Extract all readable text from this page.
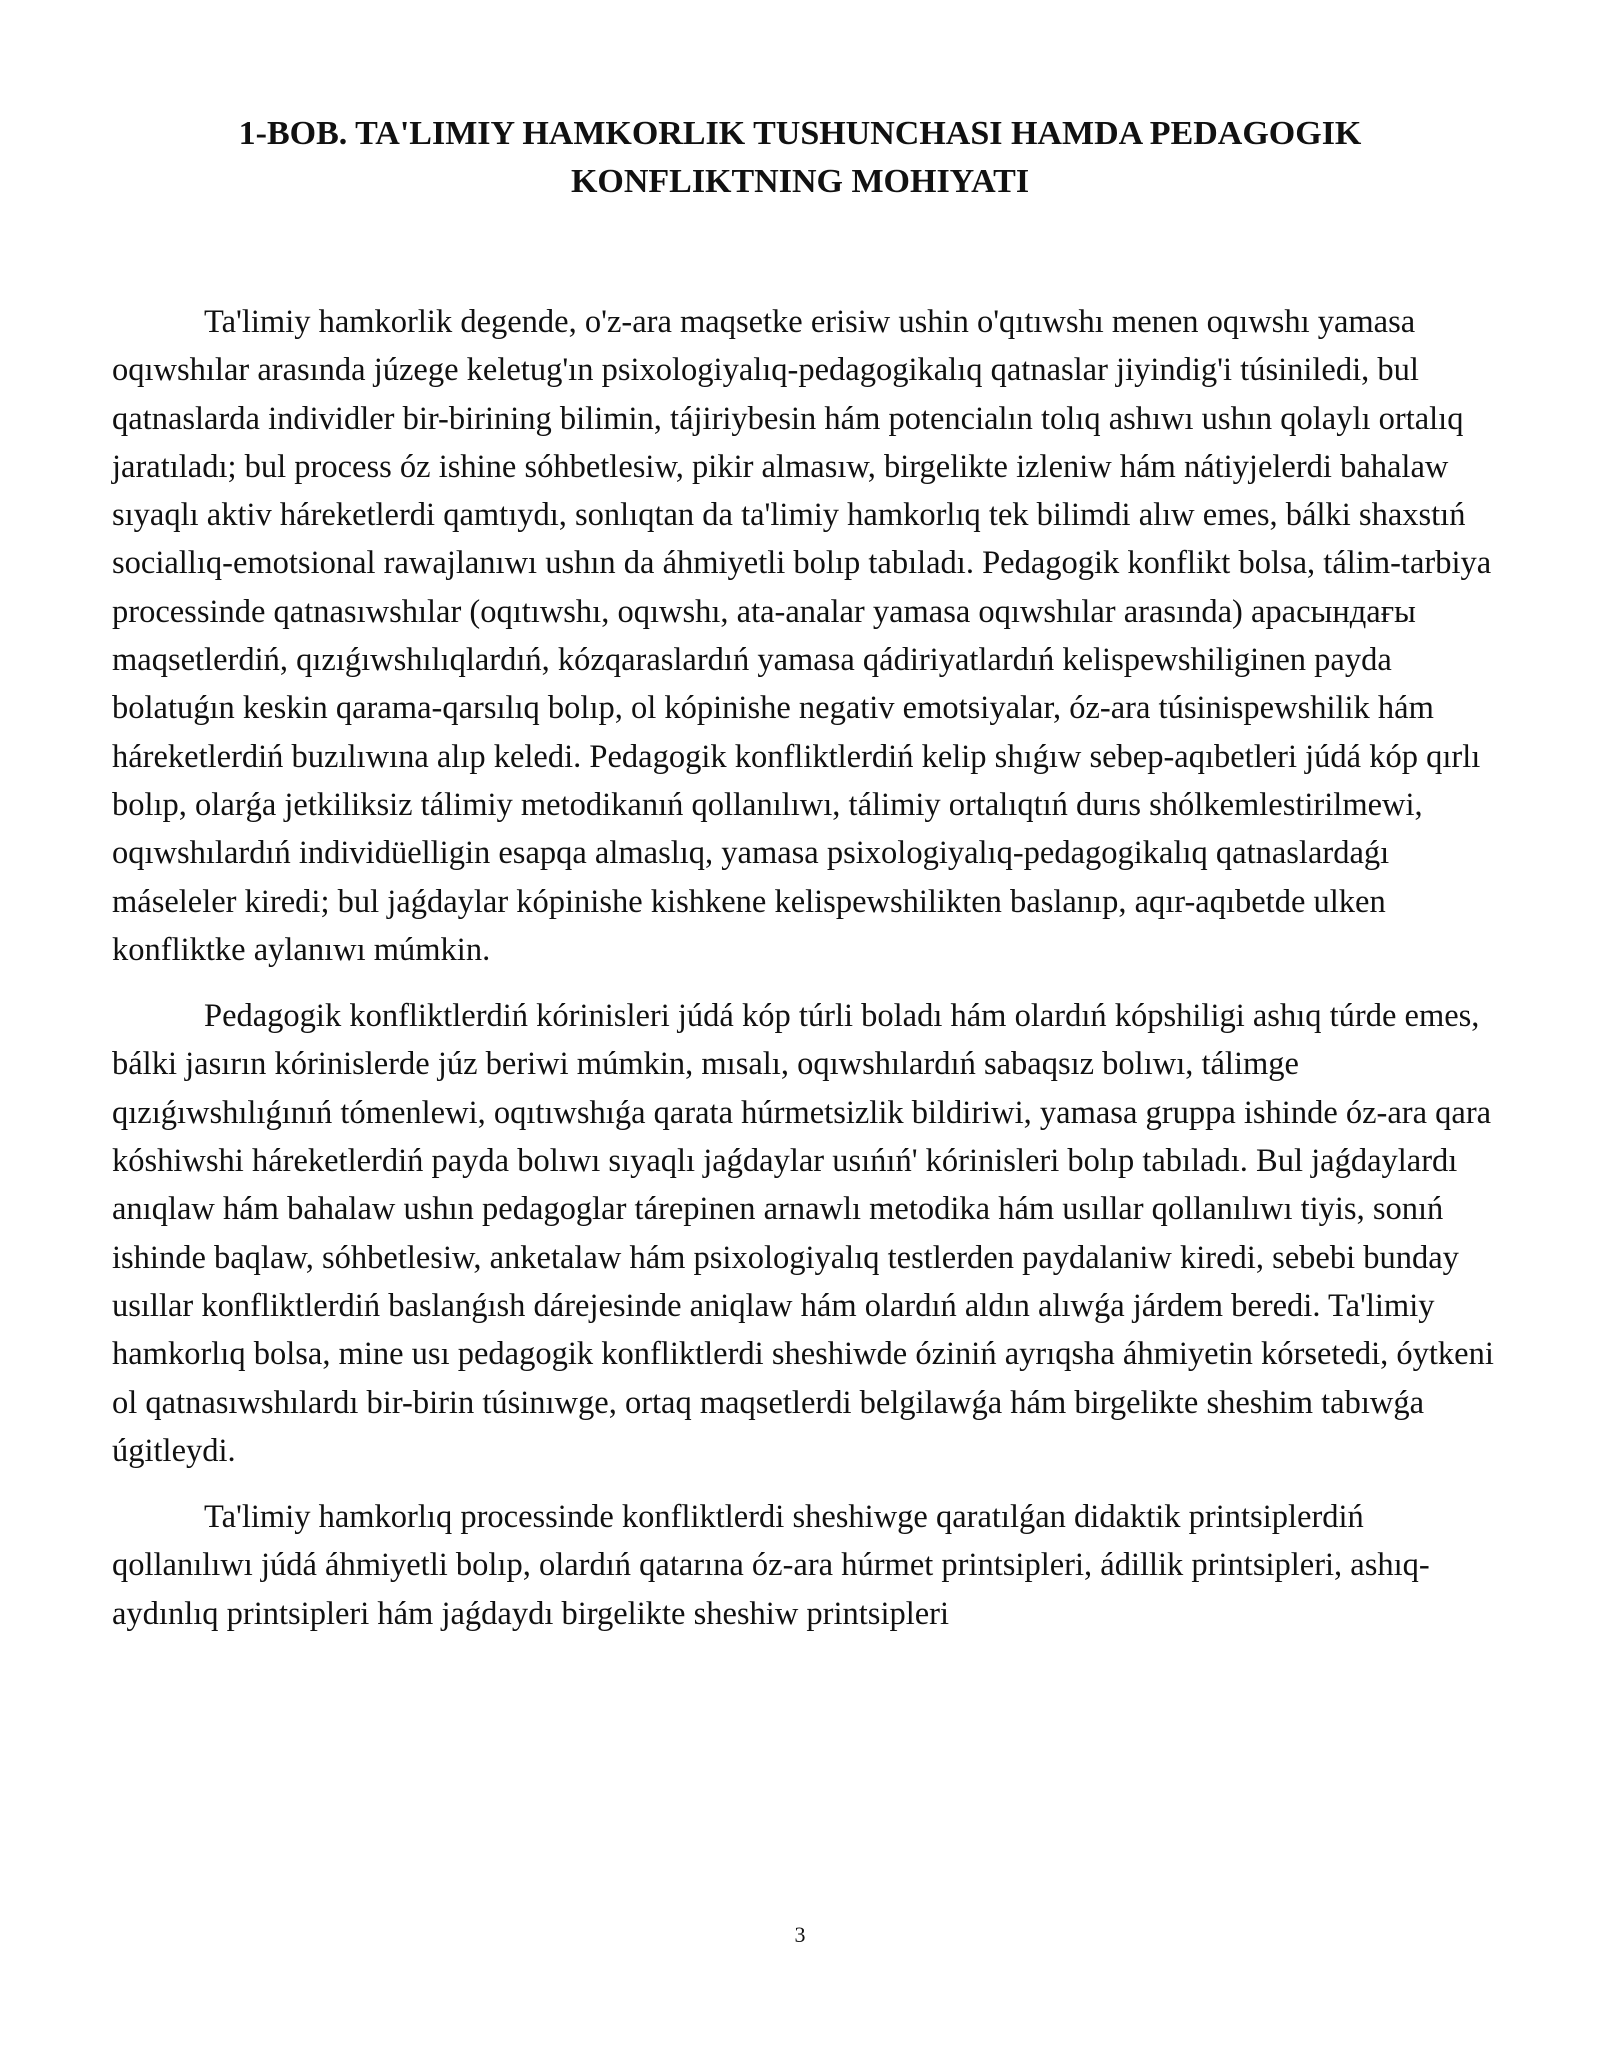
1-BOB. TA'LIMIY HAMKORLIK TUSHUNCHASI HAMDA PEDAGOGIK
KONFLIKTNING MOHIYATI

Ta'limiy hamkorlik degende, o'z-ara maqsetke erisiw ushin o'qıtıwshı menen oqıwshı yamasa oqıwshılar arasında júzege keletug'ın psixologiyalıq-pedagogikalıq qatnaslar jiyindig'i túsiniledi, bul qatnaslarda individler bir-birining bilimin, tájiriybesin hám potencialın tolıq ashıwı ushın qolaylı ortalıq jaratıladı; bul process óz ishine sóhbetlesiw, pikir almasıw, birgelikte izleniw hám nátiyjelerdi bahalaw sıyaqlı aktiv háreketlerdi qamtıydı, sonlıqtan da ta'limiy hamkorlıq tek bilimdi alıw emes, bálki shaxstıń sociallıq-emotsional rawajlanıwı ushın da áhmiyetli bolıp tabıladı. Pedagogik konflikt bolsa, tálim-tarbiya processinde qatnasıwshılar (oqıtıwshı, oqıwshı, ata-analar yamasa oqıwshılar arasında) арасындағы maqsetlerdiń, qızıǵıwshılıqlardıń, kózqaraslardıń yamasa qádiriyatlardıń kelispewshiliginen payda bolatuǵın keskin qarama-qarsılıq bolıp, ol kópinishe negativ emotsiyalar, óz-ara túsinispewshilik hám háreketlerdiń buzılıwına alıp keledi. Pedagogik konfliktlerdiń kelip shıǵıw sebep-aqıbetleri júdá kóp qırlı bolıp, olarǵa jetkiliksiz tálimiy metodikanıń qollanılıwı, tálimiy ortalıqtıń durıs shólkemlestirilmewi, oqıwshılardıń individüelligin esapqa almaslıq, yamasa psixologiyalıq-pedagogikalıq qatnaslardaǵı máseleler kiredi; bul jaǵdaylar kópinishe kishkene kelispewshilikten baslanıp, aqır-aqıbetde ulken konfliktke aylanıwı múmkin.

Pedagogik konfliktlerdiń kórinisleri júdá kóp túrli boladı hám olardıń kópshiligi ashıq túrde emes, bálki jasırın kórinislerde júz beriwi múmkin, mısalı, oqıwshılardıń sabaqsız bolıwı, tálimge qızıǵıwshılıǵınıń tómenlewi, oqıtıwshıǵa qarata húrmetsizlik bildiriwi, yamasa gruppa ishinde óz-ara qara kóshiwshi háreketlerdiń payda bolıwı sıyaqlı jaǵdaylar usıńıń' kórinisleri bolıp tabıladı. Bul jaǵdaylardı anıqlaw hám bahalaw ushın pedagoglar tárepinen arnawlı metodika hám usıllar qollanılıwı tiyis, sonıń ishinde baqlaw, sóhbetlesiw, anketalaw hám psixologiyalıq testlerden paydalaniw kiredi, sebebi bunday usıllar konfliktlerdiń baslanǵısh dárejesinde aniqlaw hám olardıń aldın alıwǵa járdem beredi. Ta'limiy hamkorlıq bolsa, mine usı pedagogik konfliktlerdi sheshiwde óziniń ayrıqsha áhmiyetin kórsetedi, óytkeni ol qatnasıwshılardı bir-birin túsinıwge, ortaq maqsetlerdi belgilawǵa hám birgelikte sheshim tabıwǵa úgitleydi.

Ta'limiy hamkorlıq processinde konfliktlerdi sheshiwge qaratılǵan didaktik printsiplerdiń qollanılıwı júdá áhmiyetli bolıp, olardıń qatarına óz-ara húrmet printsipleri, ádillik printsipleri, ashıq-aydınlıq printsipleri hám jaǵdaydı birgelikte sheshiw printsipleri

3
